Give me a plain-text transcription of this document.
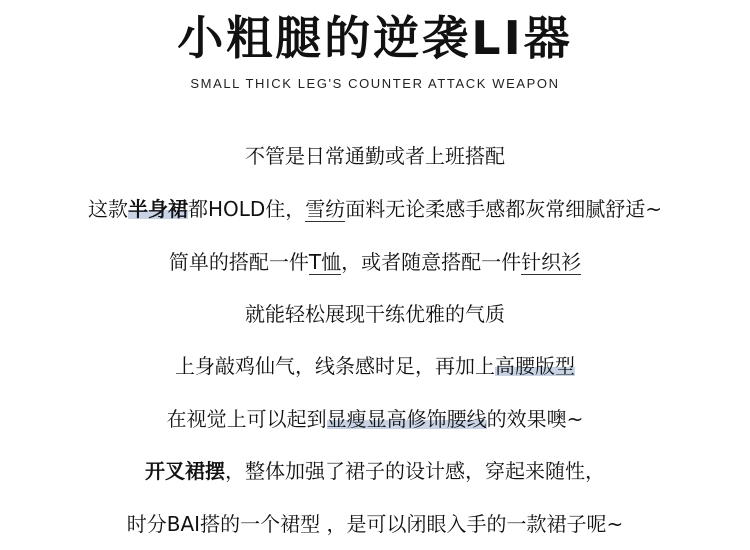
小粗腿的逆袭LI器
SMALL THICK LEG'S COUNTER ATTACK WEAPON
不管是日常通勤或者上班搭配
这款半身裙都HOLD住，雪纺面料无论柔感手感都灰常细腻舒适~
简单的搭配一件T恤，或者随意搭配一件针织衫
就能轻松展现干练优雅的气质
上身敲鸡仙气，线条感时足，再加上高腰版型
在视觉上可以起到显瘦显高修饰腰线的效果噢~
开叉裙摆，整体加强了裙子的设计感，穿起来随性，
时分BAI搭的一个裙型 ，是可以闭眼入手的一款裙子呢~
